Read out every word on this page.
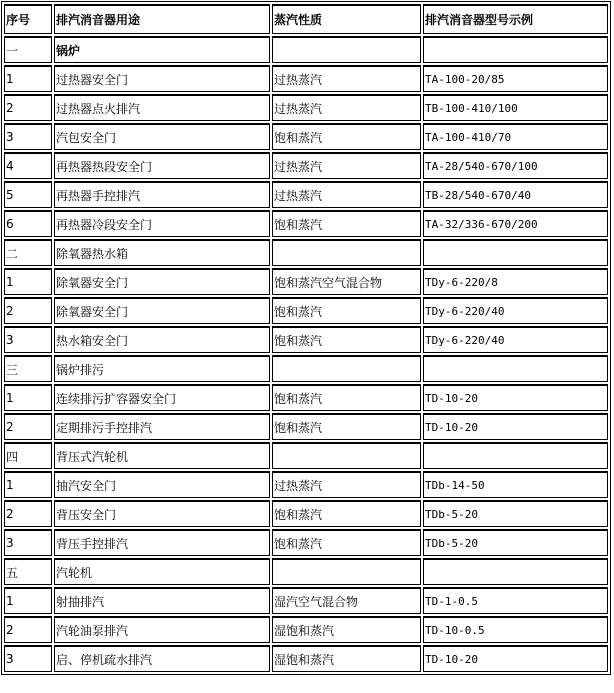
序号	排汽消音器用途	蒸汽性质	排汽消音器型号示例
一	锅炉		
1	过热器安全门	过热蒸汽	TA-100-20/85
2	过热器点火排汽	过热蒸汽	TB-100-410/100
3	汽包安全门	饱和蒸汽	TA-100-410/70
4	再热器热段安全门	过热蒸汽	TA-28/540-670/100
5	再热器手控排汽	过热蒸汽	TB-28/540-670/40
6	再热器冷段安全门	饱和蒸汽	TA-32/336-670/200
二	除氧器热水箱		
1	除氧器安全门	饱和蒸汽空气混合物	TDy-6-220/8
2	除氧器安全门	饱和蒸汽	TDy-6-220/40
3	热水箱安全门	饱和蒸汽	TDy-6-220/40
三	锅炉排污		
1	连续排污扩容器安全门	饱和蒸汽	TD-10-20
2	定期排污手控排汽	饱和蒸汽	TD-10-20
四	背压式汽轮机		
1	抽汽安全门	过热蒸汽	TDb-14-50
2	背压安全门	饱和蒸汽	TDb-5-20
3	背压手控排汽	饱和蒸汽	TDb-5-20
五	汽轮机		
1	射抽排汽	湿汽空气混合物	TD-1-0.5
2	汽轮油泵排汽	湿饱和蒸汽	TD-10-0.5
3	启、停机疏水排汽	湿饱和蒸汽	TD-10-20
